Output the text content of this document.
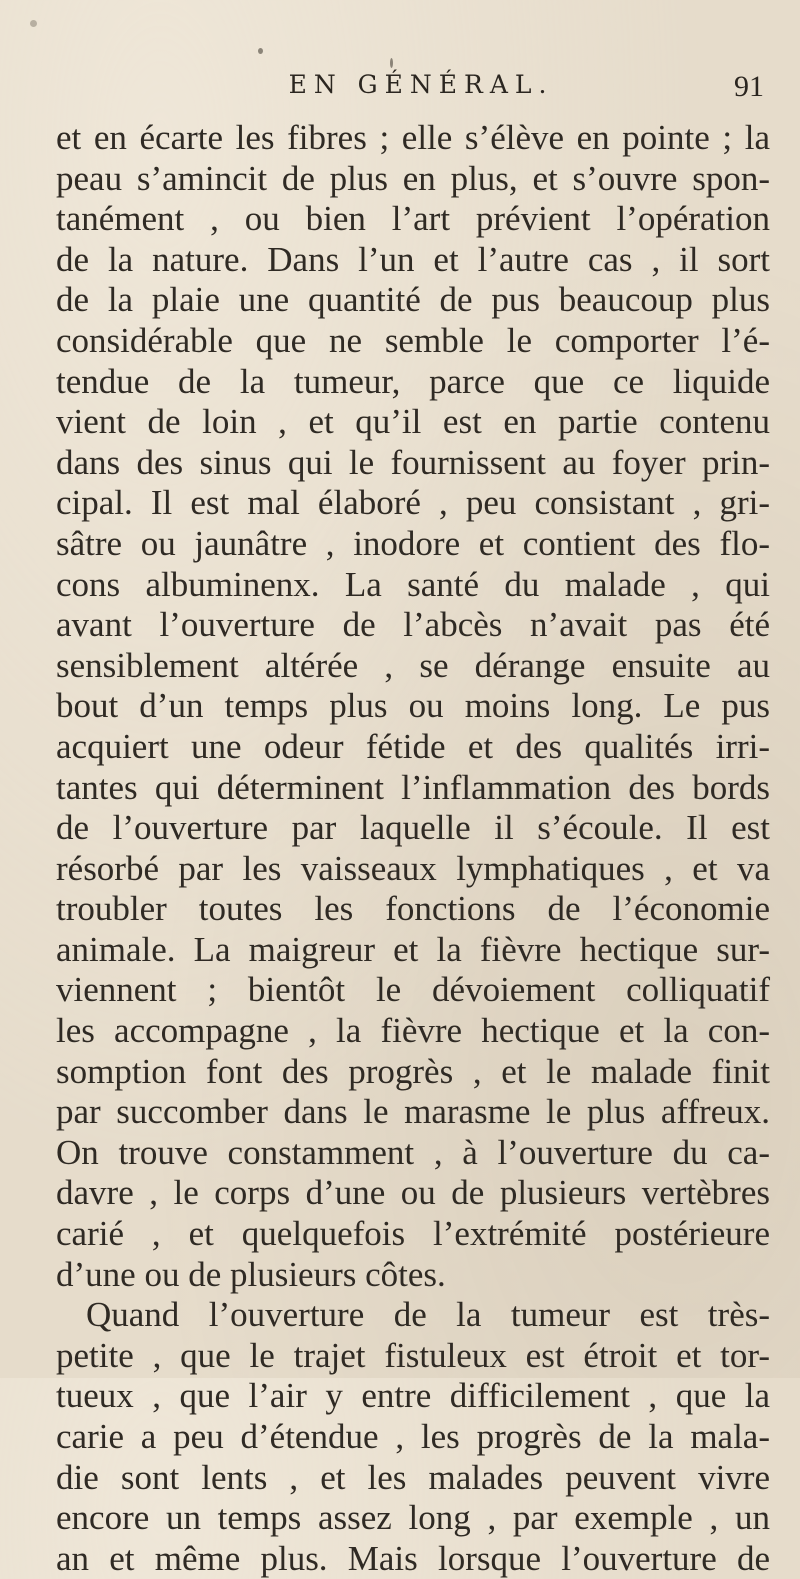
EN GÉNÉRAL.	91
et en écarte les fibres ; elle s’élève en pointe ; la
peau s’amincit de plus en plus, et s’ouvre spon-
tanément , ou bien l’art prévient l’opération
de la nature. Dans l’un et l’autre cas , il sort
de la plaie une quantité de pus beaucoup plus
considérable que ne semble le comporter l’é-
tendue de la tumeur, parce que ce liquide
vient de loin , et qu’il est en partie contenu
dans des sinus qui le fournissent au foyer prin-
cipal. Il est mal élaboré , peu consistant , gri-
sâtre ou jaunâtre , inodore et contient des flo-
cons albuminenx. La santé du malade , qui
avant l’ouverture de l’abcès n’avait pas été
sensiblement altérée , se dérange ensuite au
bout d’un temps plus ou moins long. Le pus
acquiert une odeur fétide et des qualités irri-
tantes qui déterminent l’inflammation des bords
de l’ouverture par laquelle il s’écoule. Il est
résorbé par les vaisseaux lymphatiques , et va
troubler toutes les fonctions de l’économie
animale. La maigreur et la fièvre hectique sur-
viennent ; bientôt le dévoiement colliquatif
les accompagne , la fièvre hectique et la con-
somption font des progrès , et le malade finit
par succomber dans le marasme le plus affreux.
On trouve constamment , à l’ouverture du ca-
davre , le corps d’une ou de plusieurs vertèbres
carié , et quelquefois l’extrémité postérieure
d’une ou de plusieurs côtes.
Quand l’ouverture de la tumeur est très-
petite , que le trajet fistuleux est étroit et tor-
tueux , que l’air y entre difficilement , que la
carie a peu d’étendue , les progrès de la mala-
die sont lents , et les malades peuvent vivre
encore un temps assez long , par exemple , un
an et même plus. Mais lorsque l’ouverture de
